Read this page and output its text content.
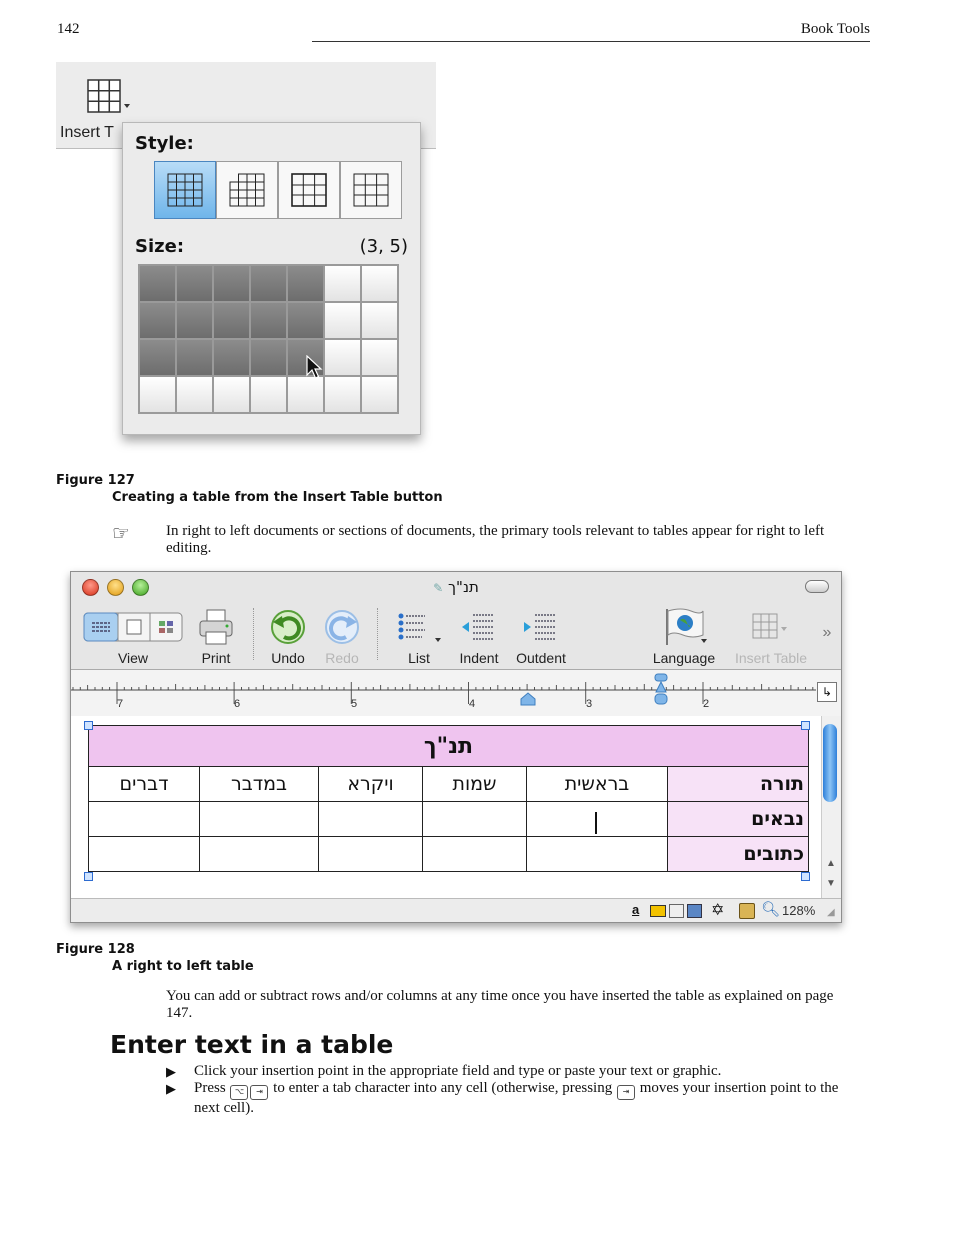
142	Book Tools
Insert T
Style:
Size:	(3, 5)
Figure 127
Creating a table from the Insert Table button
☞ In right to left documents or sections of documents, the primary tools relevant to tables appear for right to left editing.
✎ תנ"ך
View	Print	Undo	Redo	List	Indent	Outdent	Language Insert Table
»
7	6	5	4	3	2
↳
תנ"ך					
תורה	בראשית	שמות	ויקרא	במדבר	דברים
נבאים					
כתובים					▲
▼
a	✡ 🔍︎ 128% ◢
Figure 128
A right to left table
You can add or subtract rows and/or columns at any time once you have inserted the table as explained on page 147.
Enter text in a table
▶ Click your insertion point in the appropriate field and type or paste your text or graphic.
▶ Press ⌥ ⇥ to enter a tab character into any cell (otherwise, pressing ⇥ moves your insertion point to the next cell).
